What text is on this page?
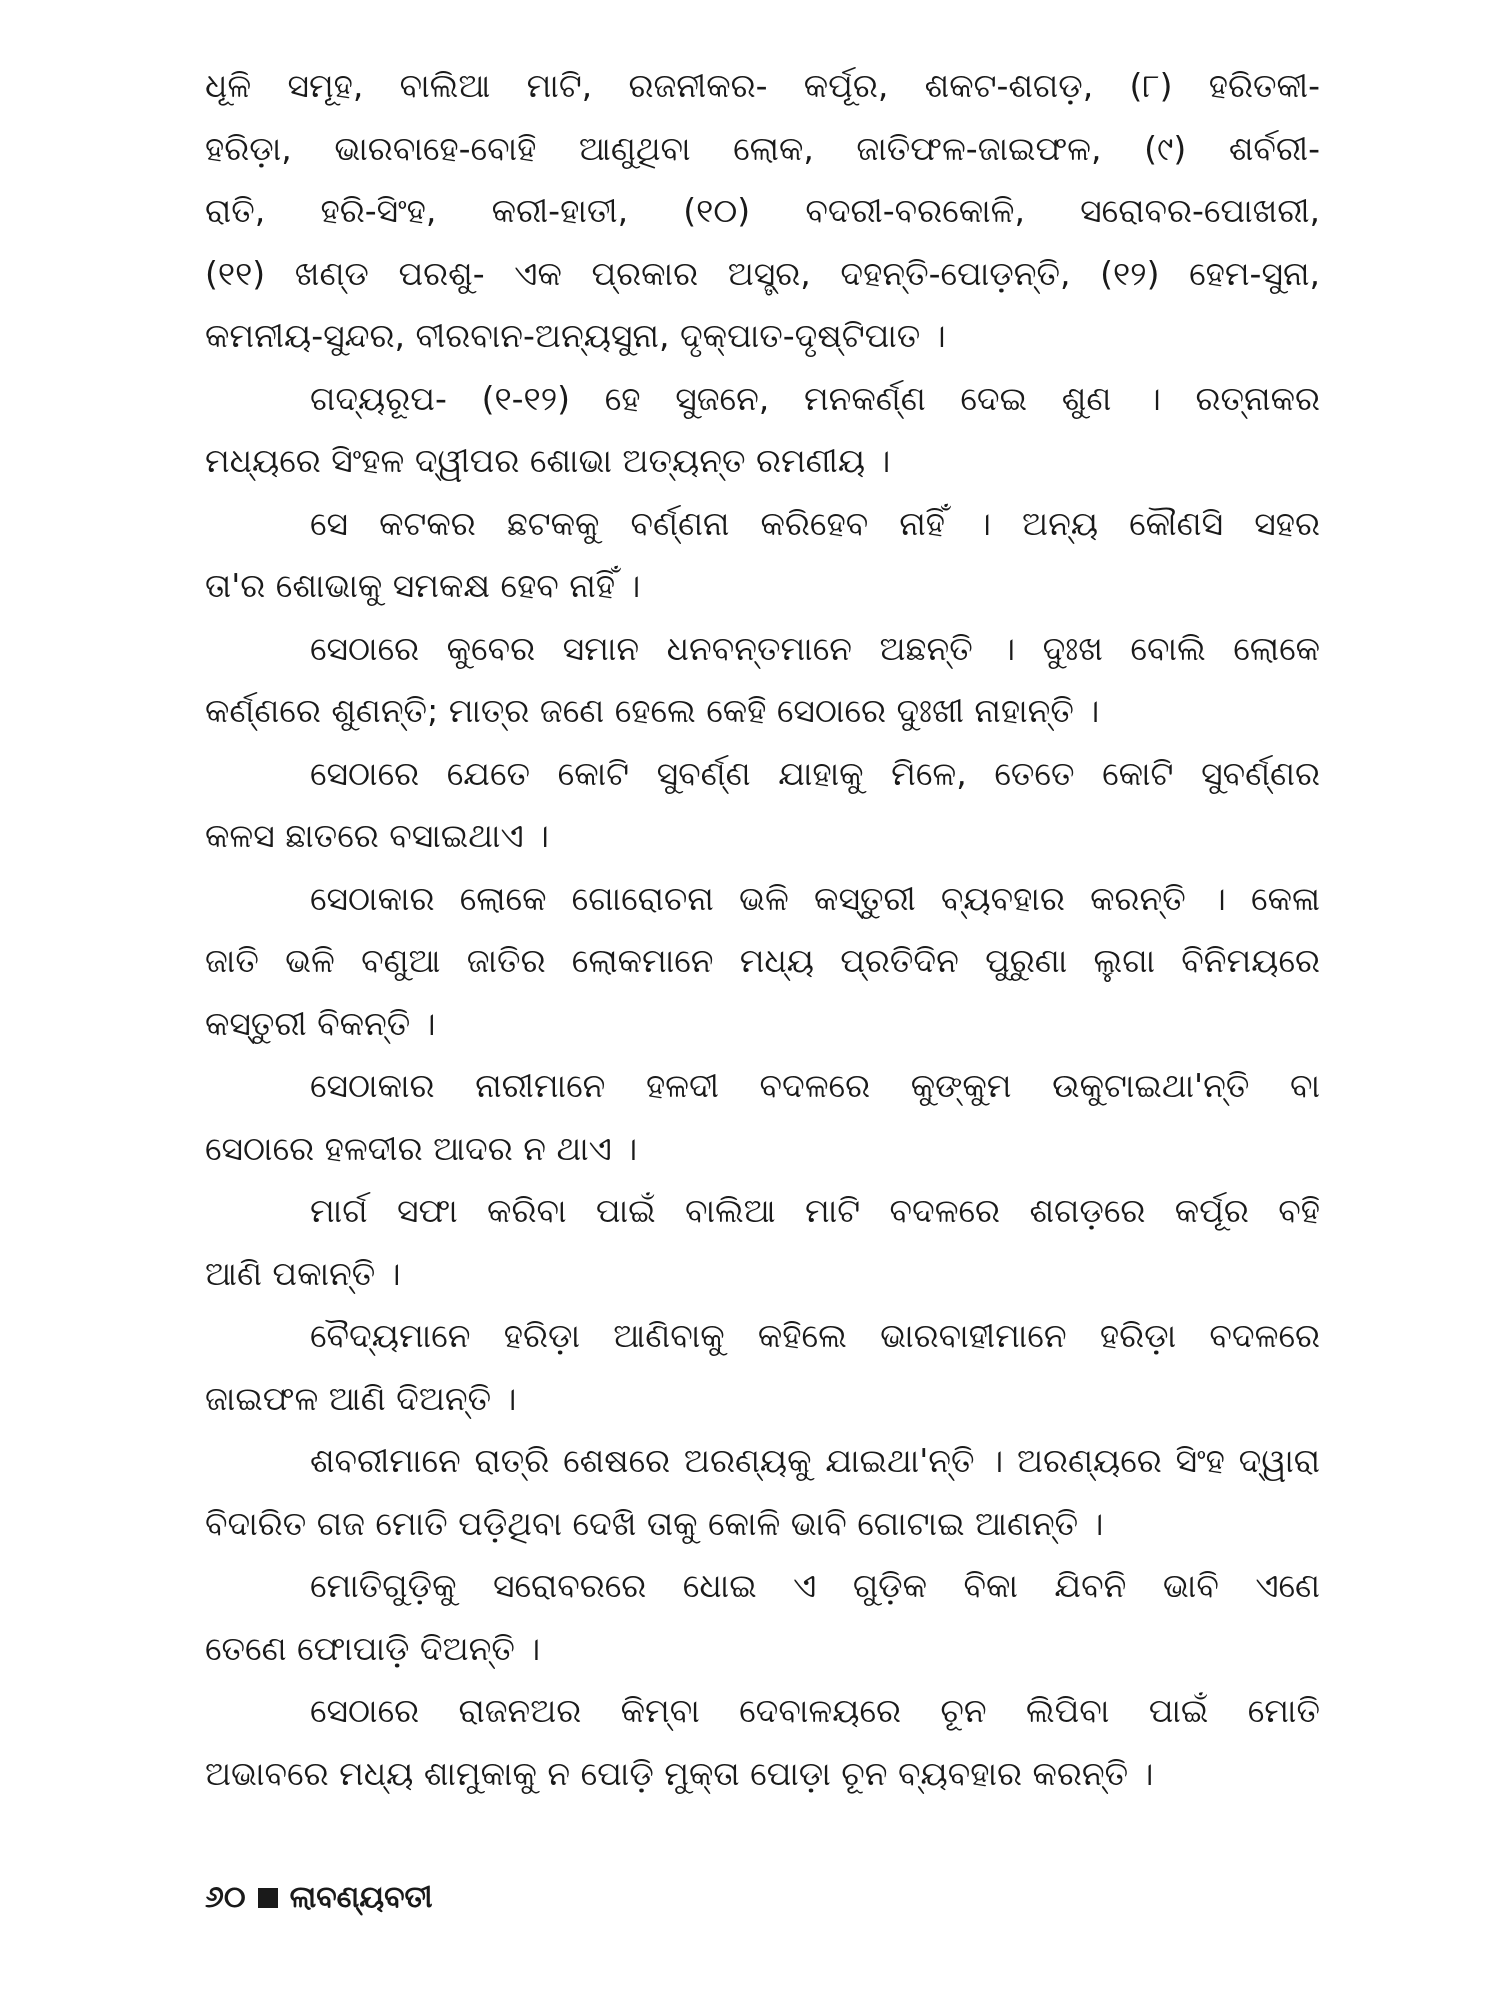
ଧୂଳି ସମୂହ, ବାଲିଆ ମାଟି, ରଜନୀକର- କର୍ପୂର, ଶକଟ-ଶଗଡ଼, (୮) ହରିତକୀ-
ହରିଡ଼ା, ଭାରବାହେ-ବୋହି ଆଣୁଥିବା ଲୋକ, ଜାତିଫଳ-ଜାଇଫଳ, (୯) ଶର୍ବରୀ-
ରାତି, ହରି-ସିଂହ, କରୀ-ହାତୀ, (୧୦) ବଦରୀ-ବରକୋଳି, ସରୋବର-ପୋଖରୀ,
(୧୧) ଖଣ୍ଡ ପରଶୁ- ଏକ ପ୍ରକାର ଅସ୍ତ୍ର, ଦହନ୍ତି-ପୋଡ଼ନ୍ତି, (୧୨) ହେମ-ସୁନା,
କମନୀୟ-ସୁନ୍ଦର, ବୀରବାନ-ଅନ୍ୟସୁନା, ଦୃକ୍‌ପାତ-ଦୃଷ୍ଟିପାତ ।
ଗଦ୍ୟରୂପ- (୧-୧୨) ହେ ସୁଜନେ, ମନକର୍ଣ୍ଣ ଦେଇ ଶୁଣ । ରତ୍ନାକର
ମଧ୍ୟରେ ସିଂହଳ ଦ୍ୱୀପର ଶୋଭା ଅତ୍ୟନ୍ତ ରମଣୀୟ ।
ସେ କଟକର ଛଟକକୁ ବର୍ଣ୍ଣନା କରିହେବ ନାହିଁ । ଅନ୍ୟ କୌଣସି ସହର
ତା'ର ଶୋଭାକୁ ସମକକ୍ଷ ହେବ ନାହିଁ ।
ସେଠାରେ କୁବେର ସମାନ ଧନବନ୍ତମାନେ ଅଛନ୍ତି । ଦୁଃଖ ବୋଲି ଲୋକେ
କର୍ଣ୍ଣରେ ଶୁଣନ୍ତି; ମାତ୍ର ଜଣେ ହେଲେ କେହି ସେଠାରେ ଦୁଃଖୀ ନାହାନ୍ତି ।
ସେଠାରେ ଯେତେ କୋଟି ସୁବର୍ଣ୍ଣ ଯାହାକୁ ମିଳେ, ତେତେ କୋଟି ସୁବର୍ଣ୍ଣର
କଳସ ଛାତରେ ବସାଇଥାଏ ।
ସେଠାକାର ଲୋକେ ଗୋରୋଚନା ଭଳି କସ୍ତୁରୀ ବ୍ୟବହାର କରନ୍ତି । କେଳା
ଜାତି ଭଳି ବଣୁଆ ଜାତିର ଲୋକମାନେ ମଧ୍ୟ ପ୍ରତିଦିନ ପୁରୁଣା ଲୁଗା ବିନିମୟରେ
କସ୍ତୁରୀ ବିକନ୍ତି ।
ସେଠାକାର ନାରୀମାନେ ହଳଦୀ ବଦଳରେ କୁଙ୍କୁମ ଉକୁଟାଇଥା'ନ୍ତି ବା
ସେଠାରେ ହଳଦୀର ଆଦର ନ ଥାଏ ।
ମାର୍ଗ ସଫା କରିବା ପାଇଁ ବାଲିଆ ମାଟି ବଦଳରେ ଶଗଡ଼ରେ କର୍ପୂର ବହି
ଆଣି ପକାନ୍ତି ।
ବୈଦ୍ୟମାନେ ହରିଡ଼ା ଆଣିବାକୁ କହିଲେ ଭାରବାହୀମାନେ ହରିଡ଼ା ବଦଳରେ
ଜାଇଫଳ ଆଣି ଦିଅନ୍ତି ।
ଶବରୀମାନେ ରାତ୍ରି ଶେଷରେ ଅରଣ୍ୟକୁ ଯାଇଥା'ନ୍ତି । ଅରଣ୍ୟରେ ସିଂହ ଦ୍ୱାରା
ବିଦାରିତ ଗଜ ମୋତି ପଡ଼ିଥିବା ଦେଖି ତାକୁ କୋଳି ଭାବି ଗୋଟାଇ ଆଣନ୍ତି ।
ମୋତିଗୁଡ଼ିକୁ ସରୋବରରେ ଧୋଇ ଏ ଗୁଡ଼ିକ ବିକା ଯିବନି ଭାବି ଏଣେ
ତେଣେ ଫୋପାଡ଼ି ଦିଅନ୍ତି ।
ସେଠାରେ ରାଜନଅର କିମ୍ବା ଦେବାଳୟରେ ଚୂନ ଲିପିବା ପାଇଁ ମୋତି
ଅଭାବରେ ମଧ୍ୟ ଶାମୁକାକୁ ନ ପୋଡ଼ି ମୁକ୍ତା ପୋଡ଼ା ଚୂନ ବ୍ୟବହାର କରନ୍ତି ।
୬୦ ଲାବଣ୍ୟବତୀ
